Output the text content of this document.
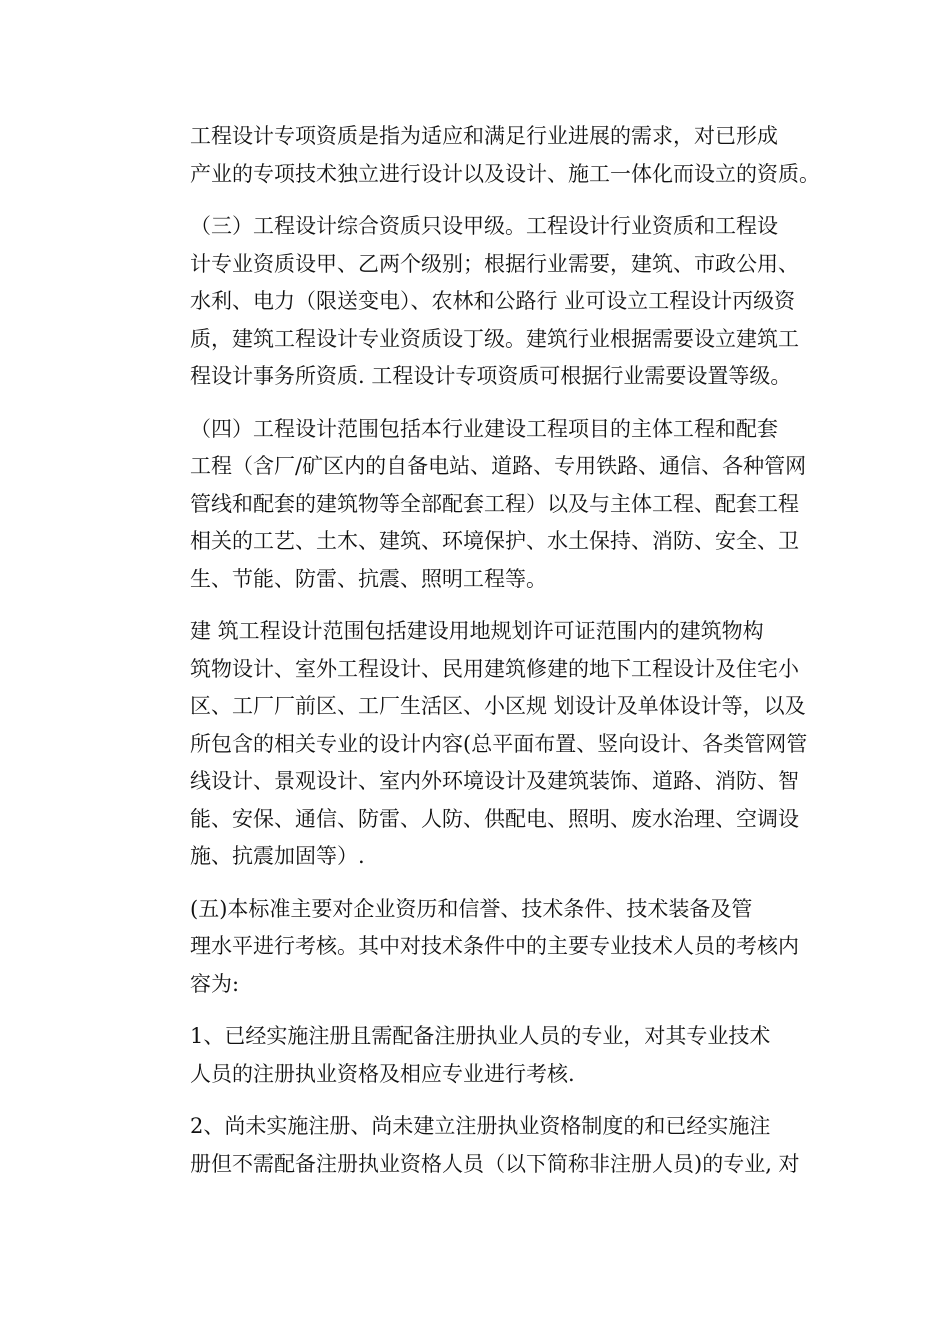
工程设计专项资质是指为适应和满足行业进展的需求，对已形成
产业的专项技术独立进行设计以及设计、施工一体化而设立的资质。

（三）工程设计综合资质只设甲级。工程设计行业资质和工程设
计专业资质设甲、乙两个级别；根据行业需要，建筑、市政公用、
水利、电力（限送变电）、农林和公路行 业可设立工程设计丙级资
质，建筑工程设计专业资质设丁级。建筑行业根据需要设立建筑工
程设计事务所资质. 工程设计专项资质可根据行业需要设置等级。

（四）工程设计范围包括本行业建设工程项目的主体工程和配套
工程（含厂/矿区内的自备电站、道路、专用铁路、通信、各种管网
管线和配套的建筑物等全部配套工程）以及与主体工程、配套工程
相关的工艺、土木、建筑、环境保护、水土保持、消防、安全、卫
生、节能、防雷、抗震、照明工程等。

建 筑工程设计范围包括建设用地规划许可证范围内的建筑物构
筑物设计、室外工程设计、民用建筑修建的地下工程设计及住宅小
区、工厂厂前区、工厂生活区、小区规 划设计及单体设计等，以及
所包含的相关专业的设计内容(总平面布置、竖向设计、各类管网管
线设计、景观设计、室内外环境设计及建筑装饰、道路、消防、智
能、安保、通信、防雷、人防、供配电、照明、废水治理、空调设
施、抗震加固等）.

(五)本标准主要对企业资历和信誉、技术条件、技术装备及管
理水平进行考核。其中对技术条件中的主要专业技术人员的考核内
容为:

1、已经实施注册且需配备注册执业人员的专业，对其专业技术
人员的注册执业资格及相应专业进行考核.

2、尚未实施注册、尚未建立注册执业资格制度的和已经实施注
册但不需配备注册执业资格人员（以下简称非注册人员)的专业, 对
